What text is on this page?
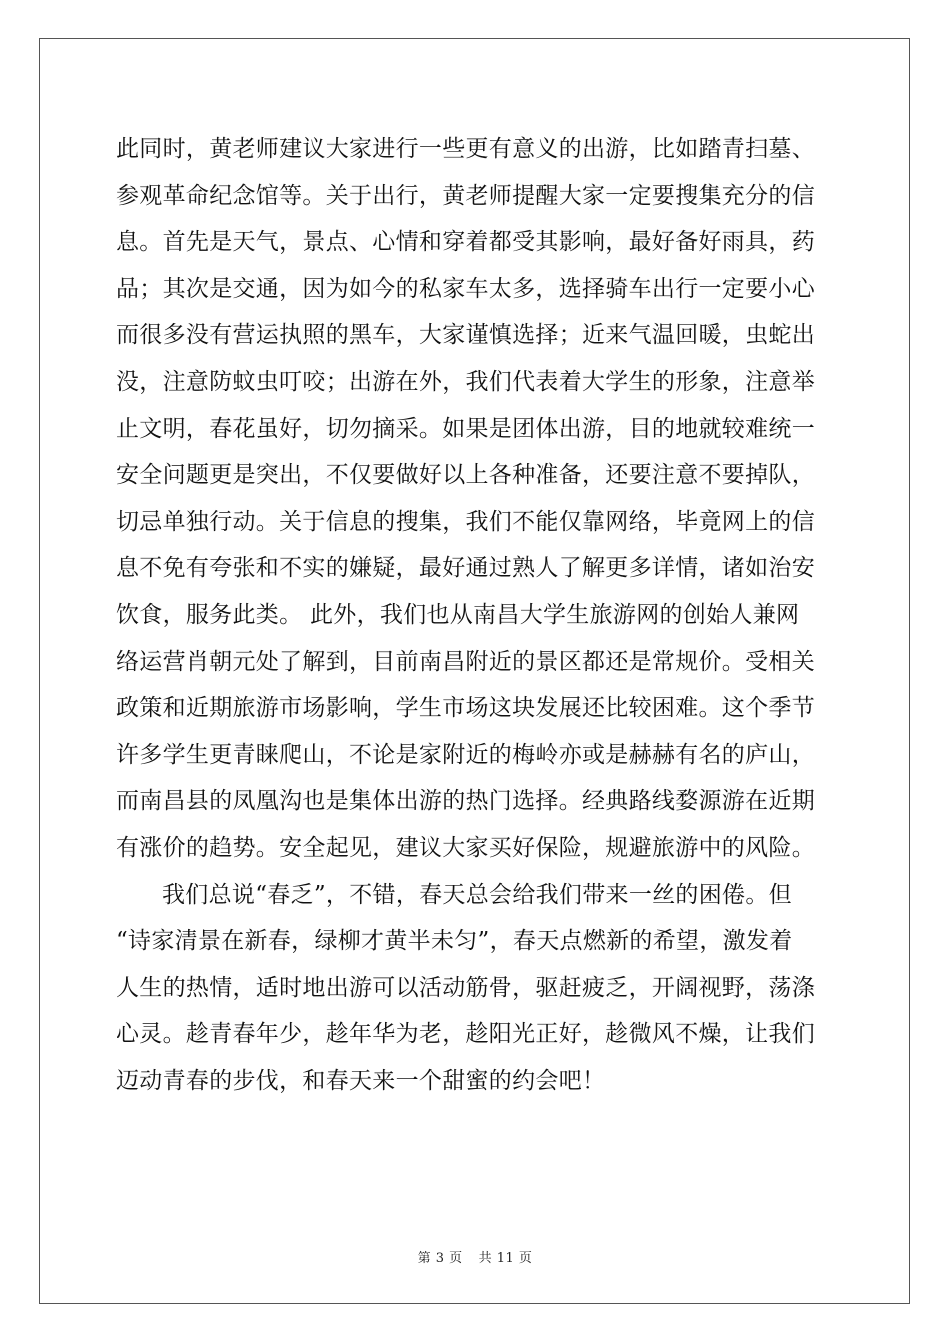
此同时，黄老师建议大家进行一些更有意义的出游，比如踏青扫墓、
参观革命纪念馆等。关于出行，黄老师提醒大家一定要搜集充分的信
息。首先是天气，景点、心情和穿着都受其影响，最好备好雨具，药
品；其次是交通，因为如今的私家车太多，选择骑车出行一定要小心
而很多没有营运执照的黑车，大家谨慎选择；近来气温回暖，虫蛇出
没，注意防蚊虫叮咬；出游在外，我们代表着大学生的形象，注意举
止文明，春花虽好，切勿摘采。如果是团体出游，目的地就较难统一
安全问题更是突出，不仅要做好以上各种准备，还要注意不要掉队，
切忌单独行动。关于信息的搜集，我们不能仅靠网络，毕竟网上的信
息不免有夸张和不实的嫌疑，最好通过熟人了解更多详情，诸如治安
饮食，服务此类。 此外，我们也从南昌大学生旅游网的创始人兼网
络运营肖朝元处了解到，目前南昌附近的景区都还是常规价。受相关
政策和近期旅游市场影响，学生市场这块发展还比较困难。这个季节
许多学生更青睐爬山，不论是家附近的梅岭亦或是赫赫有名的庐山，
而南昌县的凤凰沟也是集体出游的热门选择。经典路线婺源游在近期
有涨价的趋势。安全起见，建议大家买好保险，规避旅游中的风险。
我们总说“春乏”，不错，春天总会给我们带来一丝的困倦。但
“诗家清景在新春，绿柳才黄半未匀”，春天点燃新的希望，激发着
人生的热情，适时地出游可以活动筋骨，驱赶疲乏，开阔视野，荡涤
心灵。趁青春年少，趁年华为老，趁阳光正好，趁微风不燥，让我们
迈动青春的步伐，和春天来一个甜蜜的约会吧！
第 3 页 共 11 页
